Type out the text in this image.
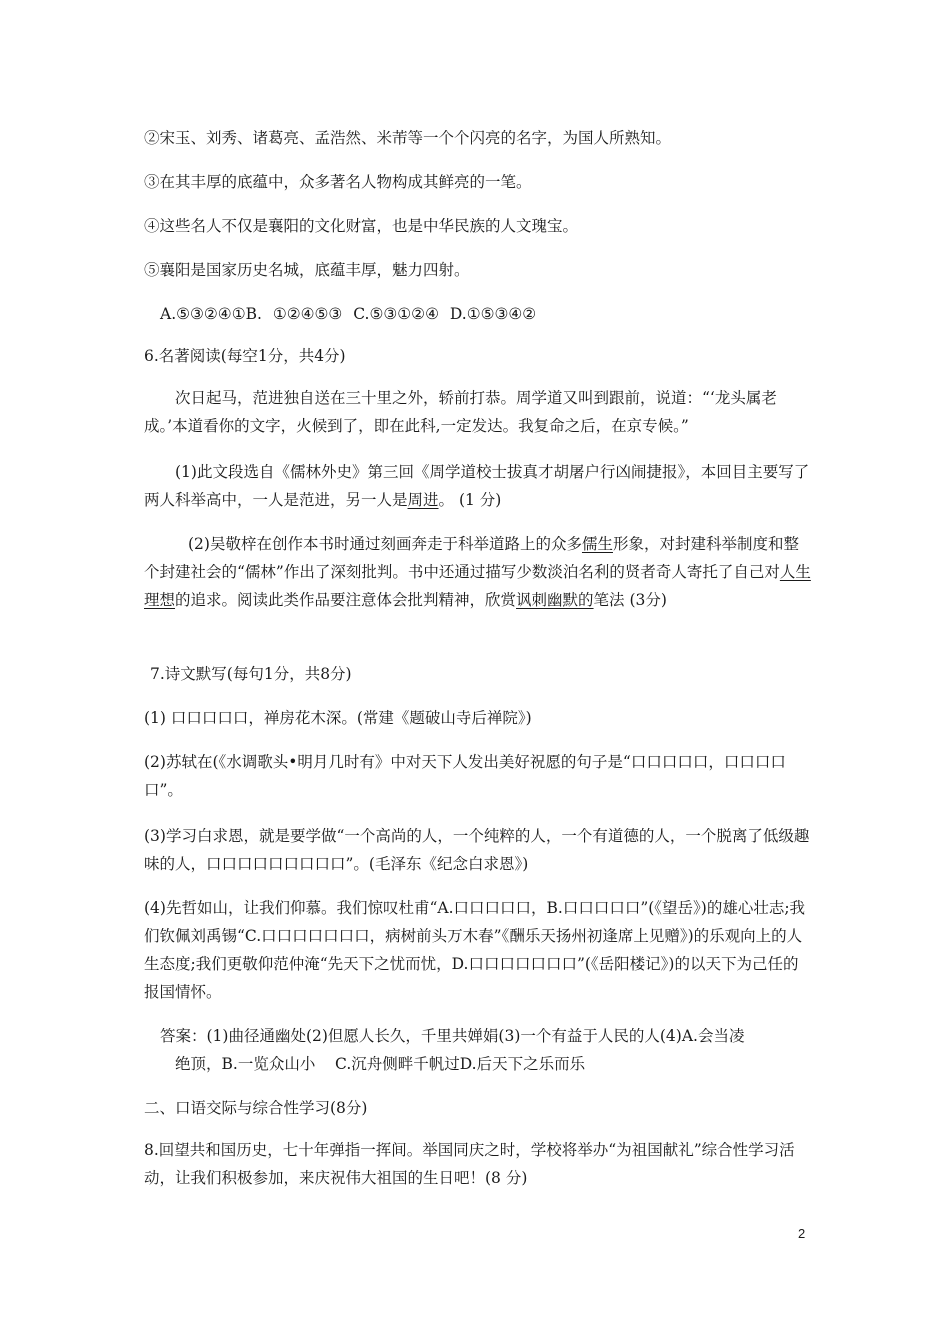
②宋玉、刘秀、诸葛亮、孟浩然、米芾等一个个闪亮的名字，为国人所熟知。
③在其丰厚的底蕴中，众多著名人物构成其鲜亮的一笔。
④这些名人不仅是襄阳的文化财富，也是中华民族的人文瑰宝。
⑤襄阳是国家历史名城，底蕴丰厚，魅力四射。
A.⑤③②④①B. ①②④⑤③ C.⑤③①②④ D.①⑤③④②
6.名著阅读(每空1分，共4分)
次日起马，范进独自送在三十里之外，轿前打恭。周学道又叫到跟前，说道：“‘龙头属老成。’本道看你的文字，火候到了，即在此科,一定发达。我复命之后，在京专候。”
(1)此文段选自《儒林外史》第三回《周学道校士拔真才胡屠户行凶闹捷报》，本回目主要写了两人科举高中，一人是范进，另一人是周进。 (1 分)
(2)吴敬梓在创作本书时通过刻画奔走于科举道路上的众多儒生形象，对封建科举制度和整个封建社会的“儒林”作出了深刻批判。书中还通过描写少数淡泊名利的贤者奇人寄托了自己对人生理想的追求。阅读此类作品要注意体会批判精神，欣赏讽刺幽默的笔法 (3分)
7.诗文默写(每句1分，共8分)
(1) 口口口口口，禅房花木深。(常建《题破山寺后禅院》)
(2)苏轼在(《水调歌头•明月几时有》中对天下人发出美好祝愿的句子是“口口口口口，口口口口口”。
(3)学习白求恩，就是要学做“一个高尚的人，一个纯粹的人，一个有道德的人，一个脱离了低级趣味的人，口口口口口口口口口”。(毛泽东《纪念白求恩》)
(4)先哲如山，让我们仰慕。我们惊叹杜甫“A.口口口口口，B.口口口口口”(《望岳》)的雄心壮志;我们钦佩刘禹锡“C.口口口口口口口，病树前头万木春”《酬乐天扬州初逢席上见赠》)的乐观向上的人生态度;我们更敬仰范仲淹“先天下之忧而忧，D.口口口口口口口”(《岳阳楼记》)的以天下为己任的报国情怀。
答案：(1)曲径通幽处(2)但愿人长久，千里共婵娟(3)一个有益于人民的人(4)A.会当凌
绝顶，B.一览众山小    C.沉舟侧畔千帆过D.后天下之乐而乐
二、口语交际与综合性学习(8分)
8.回望共和国历史，七十年弹指一挥间。举国同庆之时，学校将举办“为祖国献礼”综合性学习活动，让我们积极参加，来庆祝伟大祖国的生日吧！(8 分)
2
